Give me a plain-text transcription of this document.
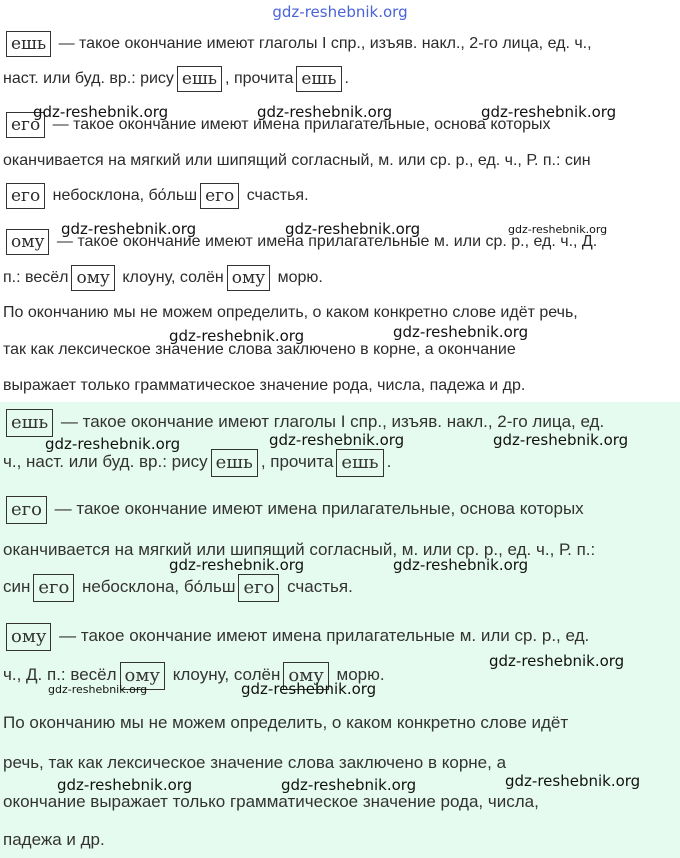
gdz-reshebnik.org
ешь — такое окончание имеют глаголы I спр., изъяв. накл., 2-го лица, ед. ч.,
наст. или буд. вр.: рису ешь , прочита ешь .
его — такое окончание имеют имена прилагательные, основа которых
оканчивается на мягкий или шипящий согласный, м. или ср. р., ед. ч., Р. п.: син
его небосклона, бо́льш его счастья.
ому — такое окончание имеют имена прилагательные м. или ср. р., ед. ч., Д.
п.: весёл ому клоуну, солён ому морю.
По окончанию мы не можем определить, о каком конкретно слове идёт речь,
так как лексическое значение слова заключено в корне, а окончание
выражает только грамматическое значение рода, числа, падежа и др.
ешь — такое окончание имеют глаголы I спр., изъяв. накл., 2-го лица, ед.
ч., наст. или буд. вр.: рису ешь , прочита ешь .
его — такое окончание имеют имена прилагательные, основа которых
оканчивается на мягкий или шипящий согласный, м. или ср. р., ед. ч., Р. п.:
син его небосклона, бо́льш его счастья.
ому — такое окончание имеют имена прилагательные м. или ср. р., ед.
ч., Д. п.: весёл ому клоуну, солён ому морю.
По окончанию мы не можем определить, о каком конкретно слове идёт
речь, так как лексическое значение слова заключено в корне, а
окончание выражает только грамматическое значение рода, числа,
падежа и др.
gdz-reshebnik.org	gdz-reshebnik.org	gdz-reshebnik.org
gdz-reshebnik.org	gdz-reshebnik.org	gdz-reshebnik.org
gdz-reshebnik.org	gdz-reshebnik.org
gdz-reshebnik.org	gdz-reshebnik.org	gdz-reshebnik.org
gdz-reshebnik.org	gdz-reshebnik.org
gdz-reshebnik.org
gdz-reshebnik.org	gdz-reshebnik.org
gdz-reshebnik.org	gdz-reshebnik.org	gdz-reshebnik.org
